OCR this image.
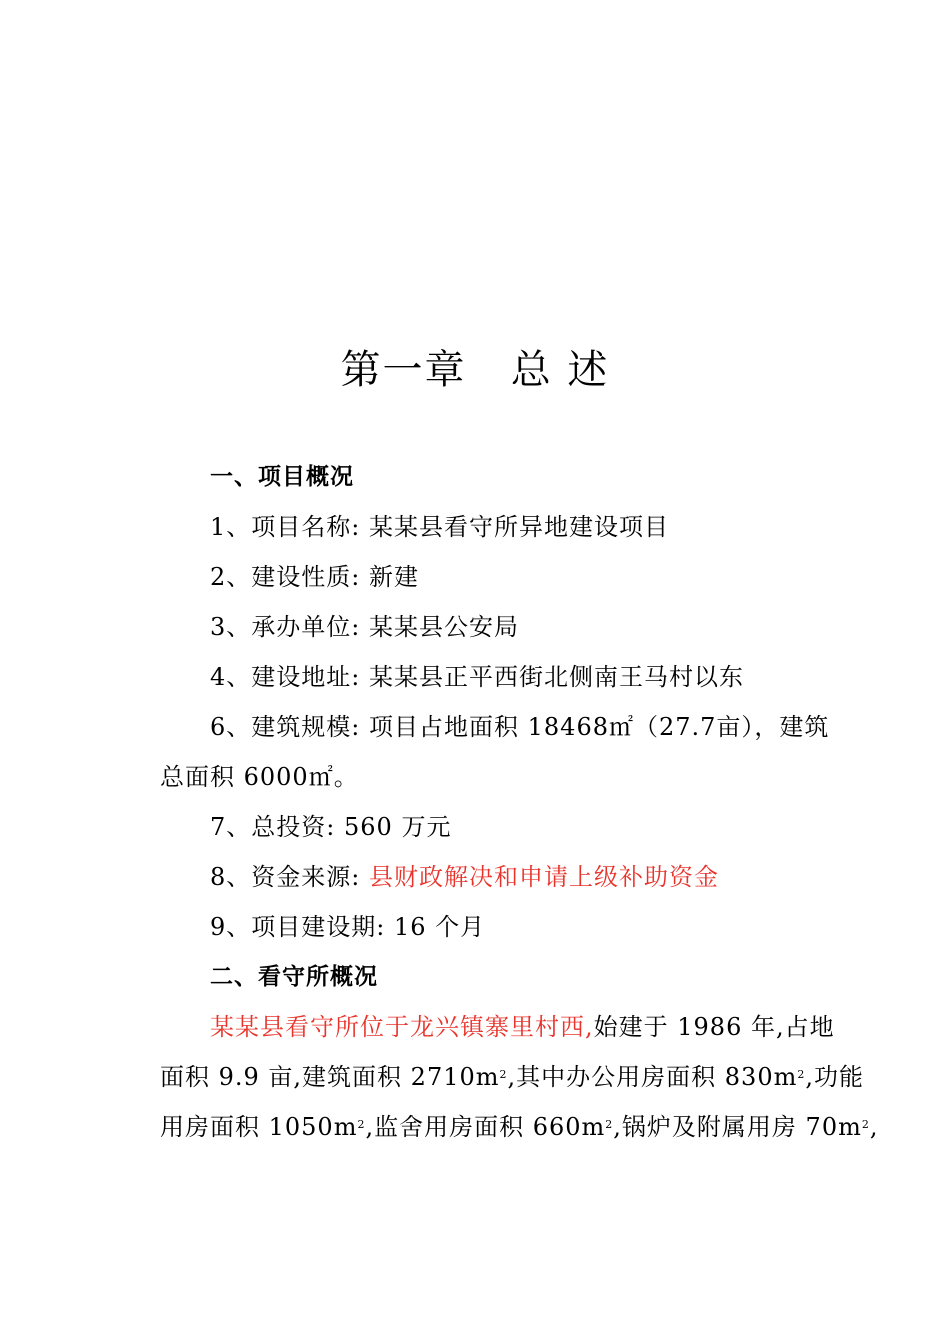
第一章   总 述
一、项目概况
1、项目名称: 某某县看守所异地建设项目
2、建设性质: 新建
3、承办单位: 某某县公安局
4、建设地址: 某某县正平西街北侧南王马村以东
6、建筑规模: 项目占地面积 18468㎡（27.7亩），建筑
总面积 6000㎡。
7、总投资: 560 万元
8、资金来源: 县财政解决和申请上级补助资金
9、项目建设期: 16 个月
二、看守所概况
某某县看守所位于龙兴镇寨里村西,始建于 1986 年,占地
面积 9.9 亩,建筑面积 $2710m^2$,其中办公用房面积 $830m^2$,功能
用房面积 $1050m^2$,监舍用房面积 $660m^2$,锅炉及附属用房 $70m^2$,
